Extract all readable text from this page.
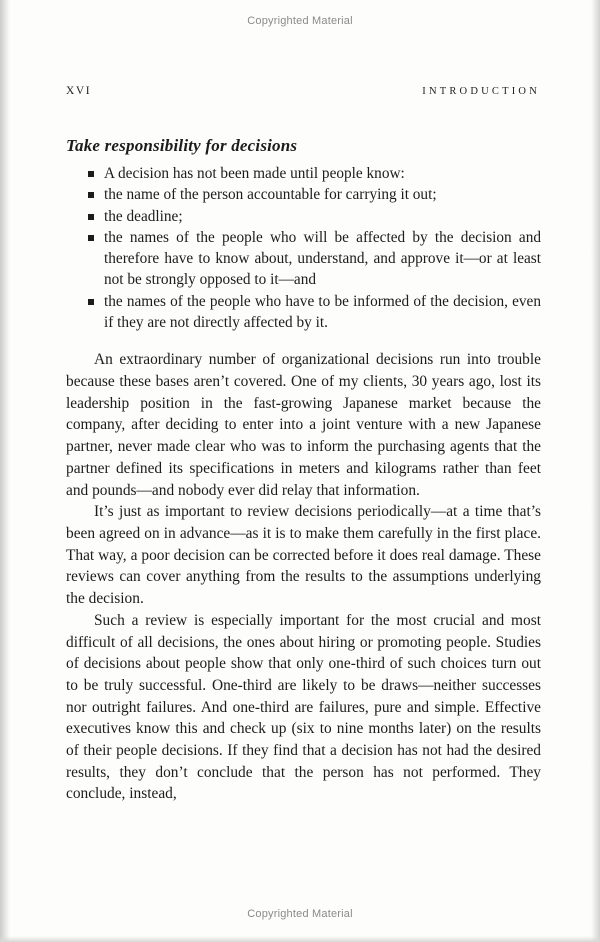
Copyrighted Material
XVI	INTRODUCTION
Take responsibility for decisions
A decision has not been made until people know:
the name of the person accountable for carrying it out;
the deadline;
the names of the people who will be affected by the decision and therefore have to know about, understand, and approve it—or at least not be strongly opposed to it—and
the names of the people who have to be informed of the decision, even if they are not directly affected by it.

An extraordinary number of organizational decisions run into trouble because these bases aren’t covered. One of my clients, 30 years ago, lost its leadership position in the fast-growing Japanese market because the company, after deciding to enter into a joint venture with a new Japanese partner, never made clear who was to inform the purchasing agents that the partner defined its specifications in meters and kilograms rather than feet and pounds—and nobody ever did relay that information.

It’s just as important to review decisions periodically—at a time that’s been agreed on in advance—as it is to make them carefully in the first place. That way, a poor decision can be corrected before it does real damage. These reviews can cover anything from the results to the assumptions underlying the decision.

Such a review is especially important for the most crucial and most difficult of all decisions, the ones about hiring or promoting people. Studies of decisions about people show that only one-third of such choices turn out to be truly successful. One-third are likely to be draws—neither successes nor outright failures. And one-third are failures, pure and simple. Effective executives know this and check up (six to nine months later) on the results of their people decisions. If they find that a decision has not had the desired results, they don’t conclude that the person has not performed. They conclude, instead,

Copyrighted Material
